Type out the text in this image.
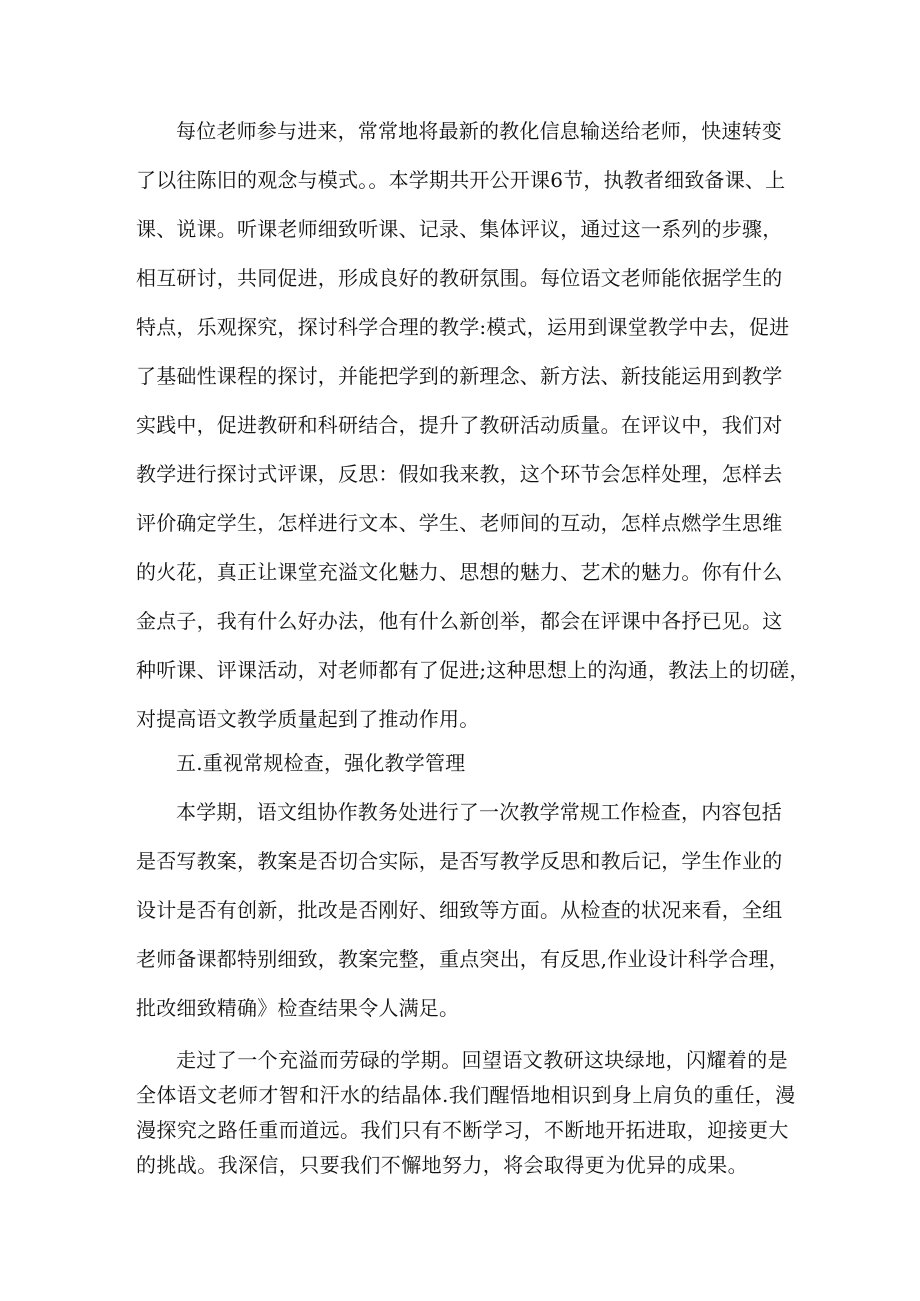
每位老师参与进来，常常地将最新的教化信息输送给老师，快速转变
了以往陈旧的观念与模式。。本学期共开公开课6节，执教者细致备课、上
课、说课。听课老师细致听课、记录、集体评议，通过这一系列的步骤，
相互研讨，共同促进，形成良好的教研氛围。每位语文老师能依据学生的
特点，乐观探究，探讨科学合理的教学:模式，运用到课堂教学中去，促进
了基础性课程的探讨，并能把学到的新理念、新方法、新技能运用到教学
实践中，促进教研和科研结合，提升了教研活动质量。在评议中，我们对
教学进行探讨式评课，反思：假如我来教，这个环节会怎样处理，怎样去
评价确定学生，怎样进行文本、学生、老师间的互动，怎样点燃学生思维
的火花，真正让课堂充溢文化魅力、思想的魅力、艺术的魅力。你有什么
金点子，我有什么好办法，他有什么新创举，都会在评课中各抒已见。这
种听课、评课活动，对老师都有了促进;这种思想上的沟通，教法上的切磋，
对提高语文教学质量起到了推动作用。
五.重视常规检查，强化教学管理
本学期，语文组协作教务处进行了一次教学常规工作检查，内容包括
是否写教案，教案是否切合实际，是否写教学反思和教后记，学生作业的
设计是否有创新，批改是否刚好、细致等方面。从检查的状况来看，全组
老师备课都特别细致，教案完整，重点突出，有反思,作业设计科学合理，
批改细致精确》检查结果令人满足。
走过了一个充溢而劳碌的学期。回望语文教研这块绿地，闪耀着的是
全体语文老师才智和汗水的结晶体.我们醒悟地相识到身上肩负的重任，漫
漫探究之路任重而道远。我们只有不断学习，不断地开拓进取，迎接更大
的挑战。我深信，只要我们不懈地努力，将会取得更为优异的成果。
